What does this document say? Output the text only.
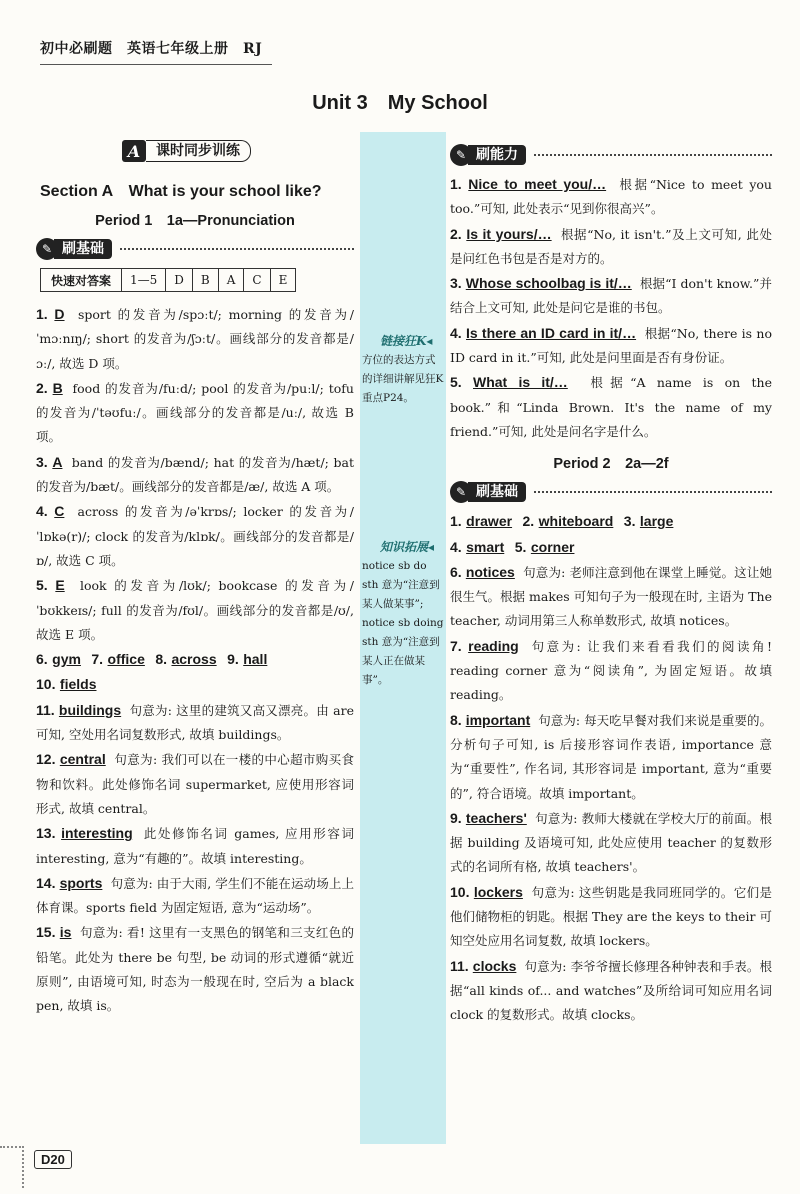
初中必刷题　英语七年级上册　RJ
Unit 3　My School
A	课时同步训练
Section A　What is your school like?
Period 1　1a—Pronunciation
✎ 刷基础
快速对答案	1—5	D	B	A	C	E

1. D sport 的发音为/spɔːt/; morning 的发音为/ˈmɔːnɪŋ/; short 的发音为/ʃɔːt/。画线部分的发音都是/ɔː/, 故选 D 项。

2. B food 的发音为/fuːd/; pool 的发音为/puːl/; tofu 的发音为/ˈtəʊfuː/。画线部分的发音都是/uː/, 故选 B 项。

3. A band 的发音为/bænd/; hat 的发音为/hæt/; bat 的发音为/bæt/。画线部分的发音都是/æ/, 故选 A 项。

4. C across 的发音为/əˈkrɒs/; locker 的发音为/ˈlɒkə(r)/; clock 的发音为/klɒk/。画线部分的发音都是/ɒ/, 故选 C 项。

5. E look 的发音为/lʊk/; bookcase 的发音为/ˈbʊkkeɪs/; full 的发音为/fʊl/。画线部分的发音都是/ʊ/, 故选 E 项。

6. gym 7. office 8. across 9. hall

10. fields

11. buildings 句意为: 这里的建筑又高又漂亮。由 are 可知, 空处用名词复数形式, 故填 buildings。

12. central 句意为: 我们可以在一楼的中心超市购买食物和饮料。此处修饰名词 supermarket, 应使用形容词形式, 故填 central。

13. interesting 此处修饰名词 games, 应用形容词 interesting, 意为“有趣的”。故填 interesting。

14. sports 句意为: 由于大雨, 学生们不能在运动场上上体育课。sports field 为固定短语, 意为“运动场”。

15. is 句意为: 看! 这里有一支黑色的钢笔和三支红色的铅笔。此处为 there be 句型, be 动词的形式遵循“就近原则”, 由语境可知, 时态为一般现在时, 空后为 a black pen, 故填 is。

链接狂K◂

方位的表达方式的详细讲解见狂K重点P24。

知识拓展◂

notice sb do sth 意为“注意到某人做某事”; notice sb doing sth 意为“注意到某人正在做某事”。

✎ 刷能力

1. Nice to meet you/… 根据“Nice to meet you too.”可知, 此处表示“见到你很高兴”。

2. Is it yours/… 根据“No, it isn't.”及上文可知, 此处是问红色书包是否是对方的。

3. Whose schoolbag is it/… 根据“I don't know.”并结合上文可知, 此处是问它是谁的书包。

4. Is there an ID card in it/… 根据“No, there is no ID card in it.”可知, 此处是问里面是否有身份证。

5. What is it/… 根据“A name is on the book.”和“Linda Brown. It's the name of my friend.”可知, 此处是问名字是什么。

Period 2　2a—2f
✎ 刷基础

1. drawer 2. whiteboard 3. large

4. smart 5. corner

6. notices 句意为: 老师注意到他在课堂上睡觉。这让她很生气。根据 makes 可知句子为一般现在时, 主语为 The teacher, 动词用第三人称单数形式, 故填 notices。

7. reading 句意为: 让我们来看看我们的阅读角! reading corner 意为“阅读角”, 为固定短语。故填 reading。

8. important 句意为: 每天吃早餐对我们来说是重要的。分析句子可知, is 后接形容词作表语, importance 意为“重要性”, 作名词, 其形容词是 important, 意为“重要的”, 符合语境。故填 important。

9. teachers' 句意为: 教师大楼就在学校大厅的前面。根据 building 及语境可知, 此处应使用 teacher 的复数形式的名词所有格, 故填 teachers'。

10. lockers 句意为: 这些钥匙是我同班同学的。它们是他们储物柜的钥匙。根据 They are the keys to their 可知空处应用名词复数, 故填 lockers。

11. clocks 句意为: 李爷爷擅长修理各种钟表和手表。根据“all kinds of... and watches”及所给词可知应用名词 clock 的复数形式。故填 clocks。

D20
